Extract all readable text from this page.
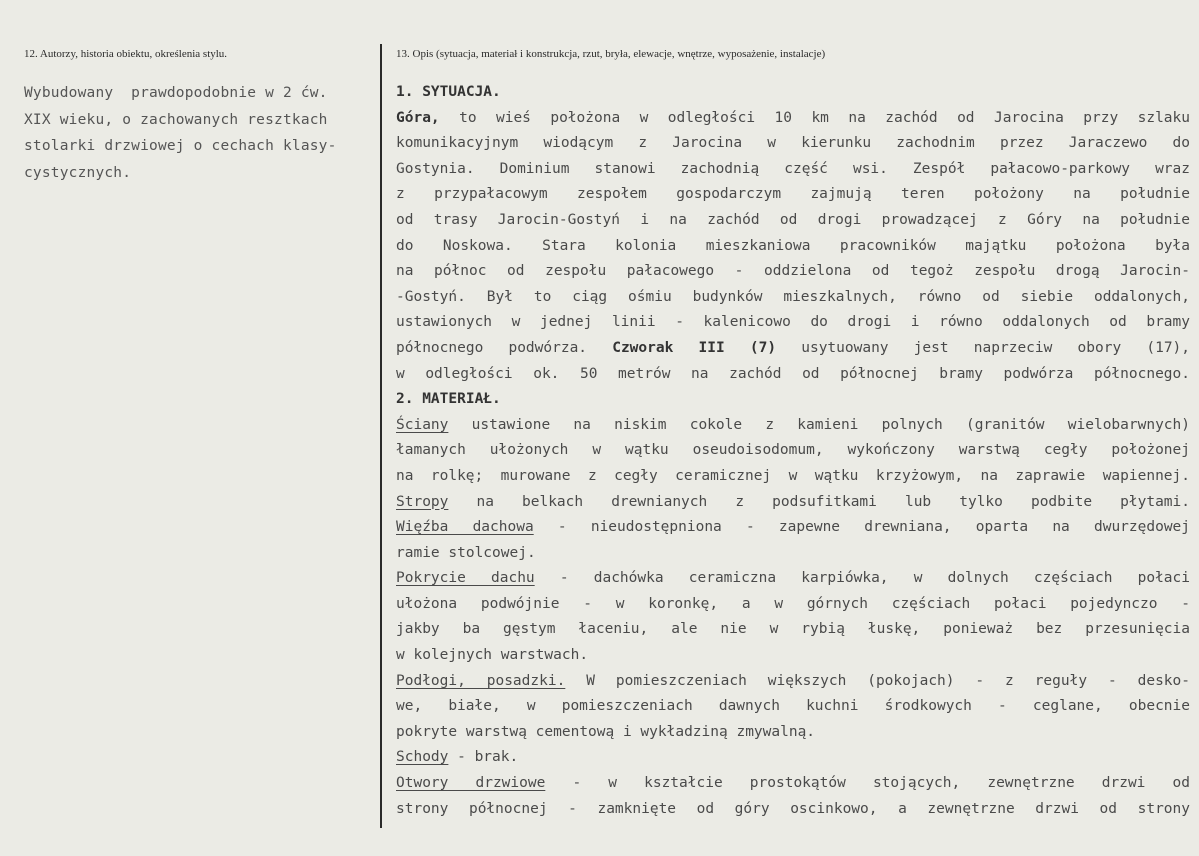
12. Autorzy, historia obiektu, określenia stylu.	13. Opis (sytuacja, materiał i konstrukcja, rzut, bryła, elewacje, wnętrze, wyposażenie, instalacje)
Wybudowany  prawdopodobnie w 2 ćw.
XIX wieku, o zachowanych resztkach
stolarki drzwiowej o cechach klasy-
cystycznych.
1. SYTUACJA.
Góra, to wieś położona w odległości 10 km na zachód od Jarocina przy szlaku
komunikacyjnym wiodącym z Jarocina w kierunku zachodnim przez Jaraczewo do
Gostynia. Dominium stanowi zachodnią część wsi. Zespół pałacowo-parkowy wraz
z przypałacowym zespołem gospodarczym zajmują teren położony na południe
od trasy Jarocin-Gostyń i na zachód od drogi prowadzącej z Góry na południe
do Noskowa. Stara kolonia mieszkaniowa pracowników majątku położona była
na północ od zespołu pałacowego - oddzielona od tegoż zespołu drogą Jarocin-
-Gostyń. Był to ciąg ośmiu budynków mieszkalnych, równo od siebie oddalonych,
ustawionych w jednej linii - kalenicowo do drogi i równo oddalonych od bramy
północnego podwórza. Czworak III (7) usytuowany jest naprzeciw obory (17),
w odległości ok. 50 metrów na zachód od północnej bramy podwórza północnego.
2. MATERIAŁ.
Ściany ustawione na niskim cokole z kamieni polnych (granitów wielobarwnych)
łamanych ułożonych w wątku oseudoisodomum, wykończony warstwą cegły położonej
na rolkę; murowane z cegły ceramicznej w wątku krzyżowym, na zaprawie wapiennej.
Stropy na belkach drewnianych z podsufitkami lub tylko podbite płytami.
Więźba dachowa - nieudostępniona - zapewne drewniana, oparta na dwurzędowej
ramie stolcowej.
Pokrycie dachu - dachówka ceramiczna karpiówka, w dolnych częściach połaci
ułożona podwójnie - w koronkę, a w górnych częściach połaci pojedynczo -
jakby ba gęstym łaceniu, ale nie w rybią łuskę, ponieważ bez przesunięcia
w kolejnych warstwach.
Podłogi, posadzki. W pomieszczeniach większych (pokojach) - z reguły - desko-
we, białe, w pomieszczeniach dawnych kuchni środkowych - ceglane, obecnie
pokryte warstwą cementową i wykładziną zmywalną.
Schody - brak.
Otwory drzwiowe - w kształcie prostokątów stojących, zewnętrzne drzwi od
strony północnej - zamknięte od góry oscinkowo, a zewnętrzne drzwi od strony
